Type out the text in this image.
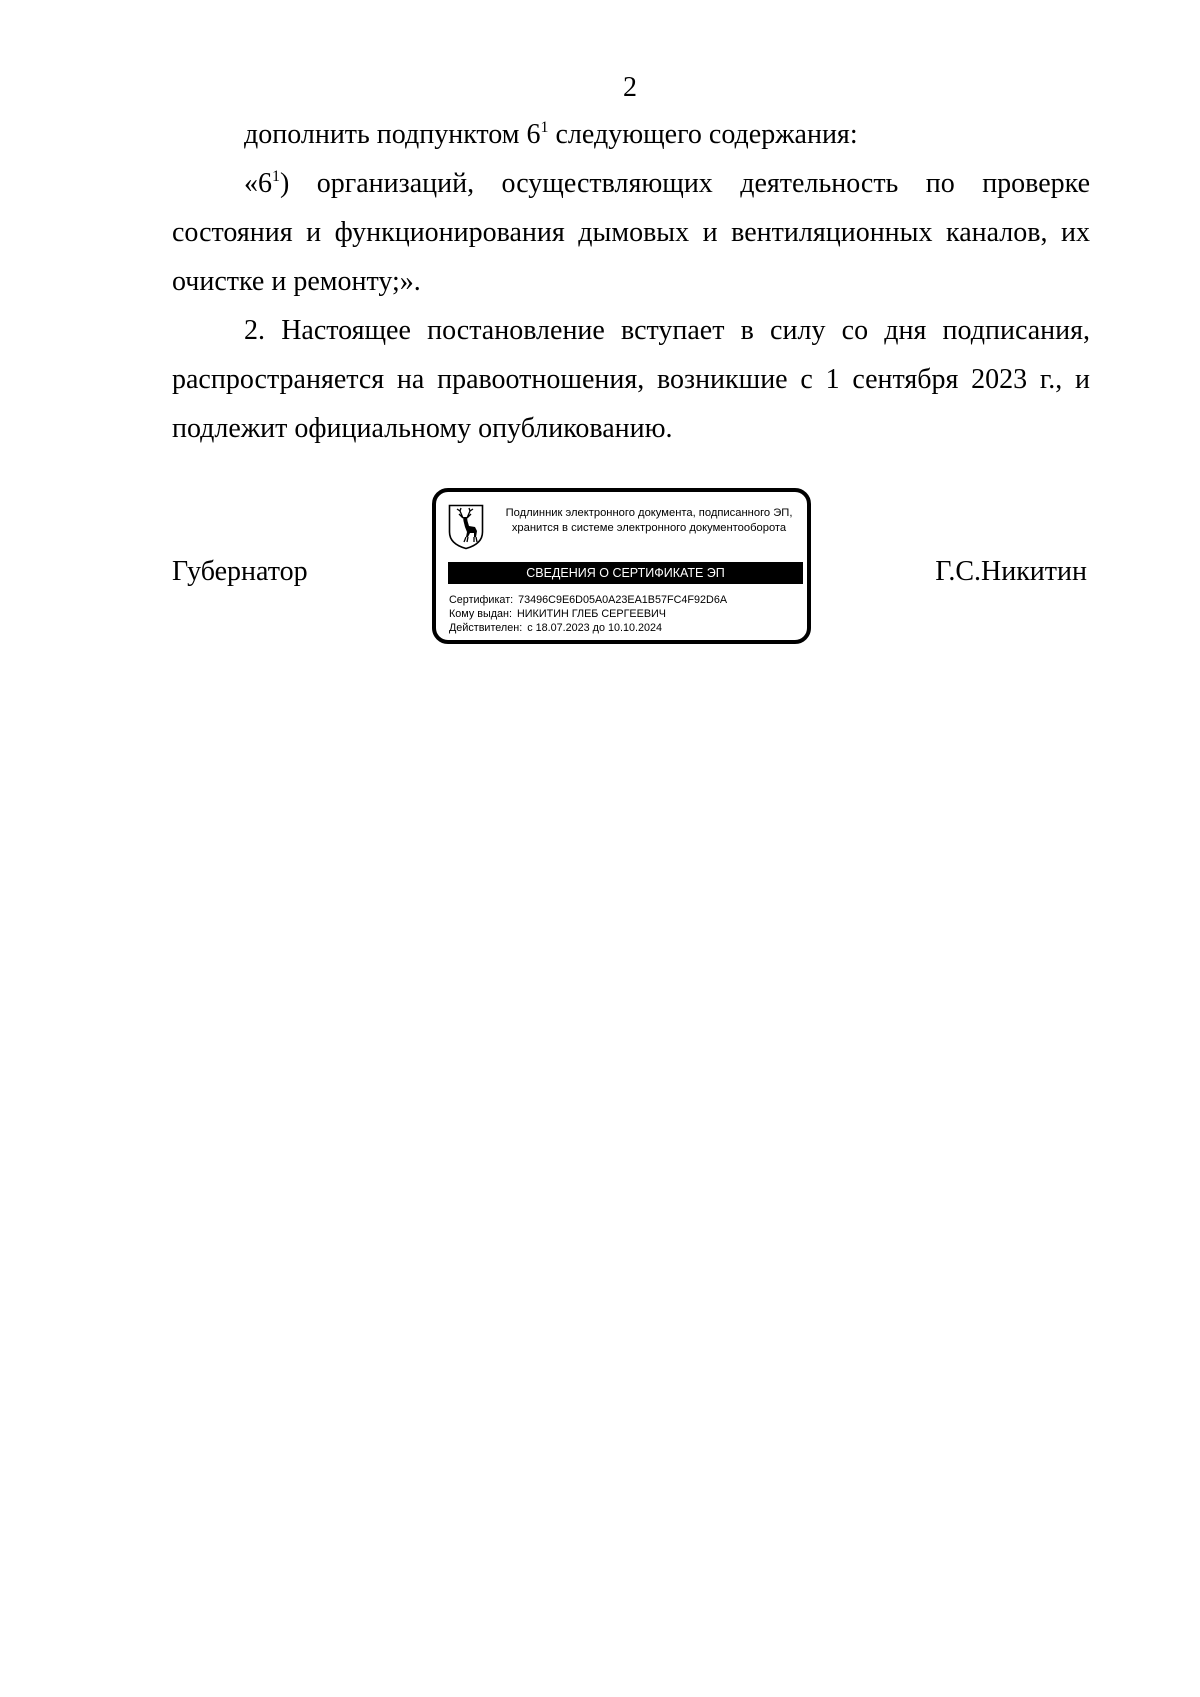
2

дополнить подпунктом $6^1$ следующего содержания:

«$6^1$) организаций, осуществляющих деятельность по проверке состояния и функционирования дымовых и вентиляционных каналов, их очистке и ремонту;».

2. Настоящее постановление вступает в силу со дня подписания, распространяется на правоотношения, возникшие с 1 сентября 2023 г., и подлежит официальному опубликованию.

Губернатор	Г.С.Никитин
Подлинник электронного документа, подписанного ЭП,
хранится в системе электронного документооборота
СВЕДЕНИЯ О СЕРТИФИКАТЕ ЭП
Сертификат: 73496C9E6D05A0A23EA1B57FC4F92D6A
Кому выдан: НИКИТИН ГЛЕБ СЕРГЕЕВИЧ
Действителен: с 18.07.2023 до 10.10.2024
